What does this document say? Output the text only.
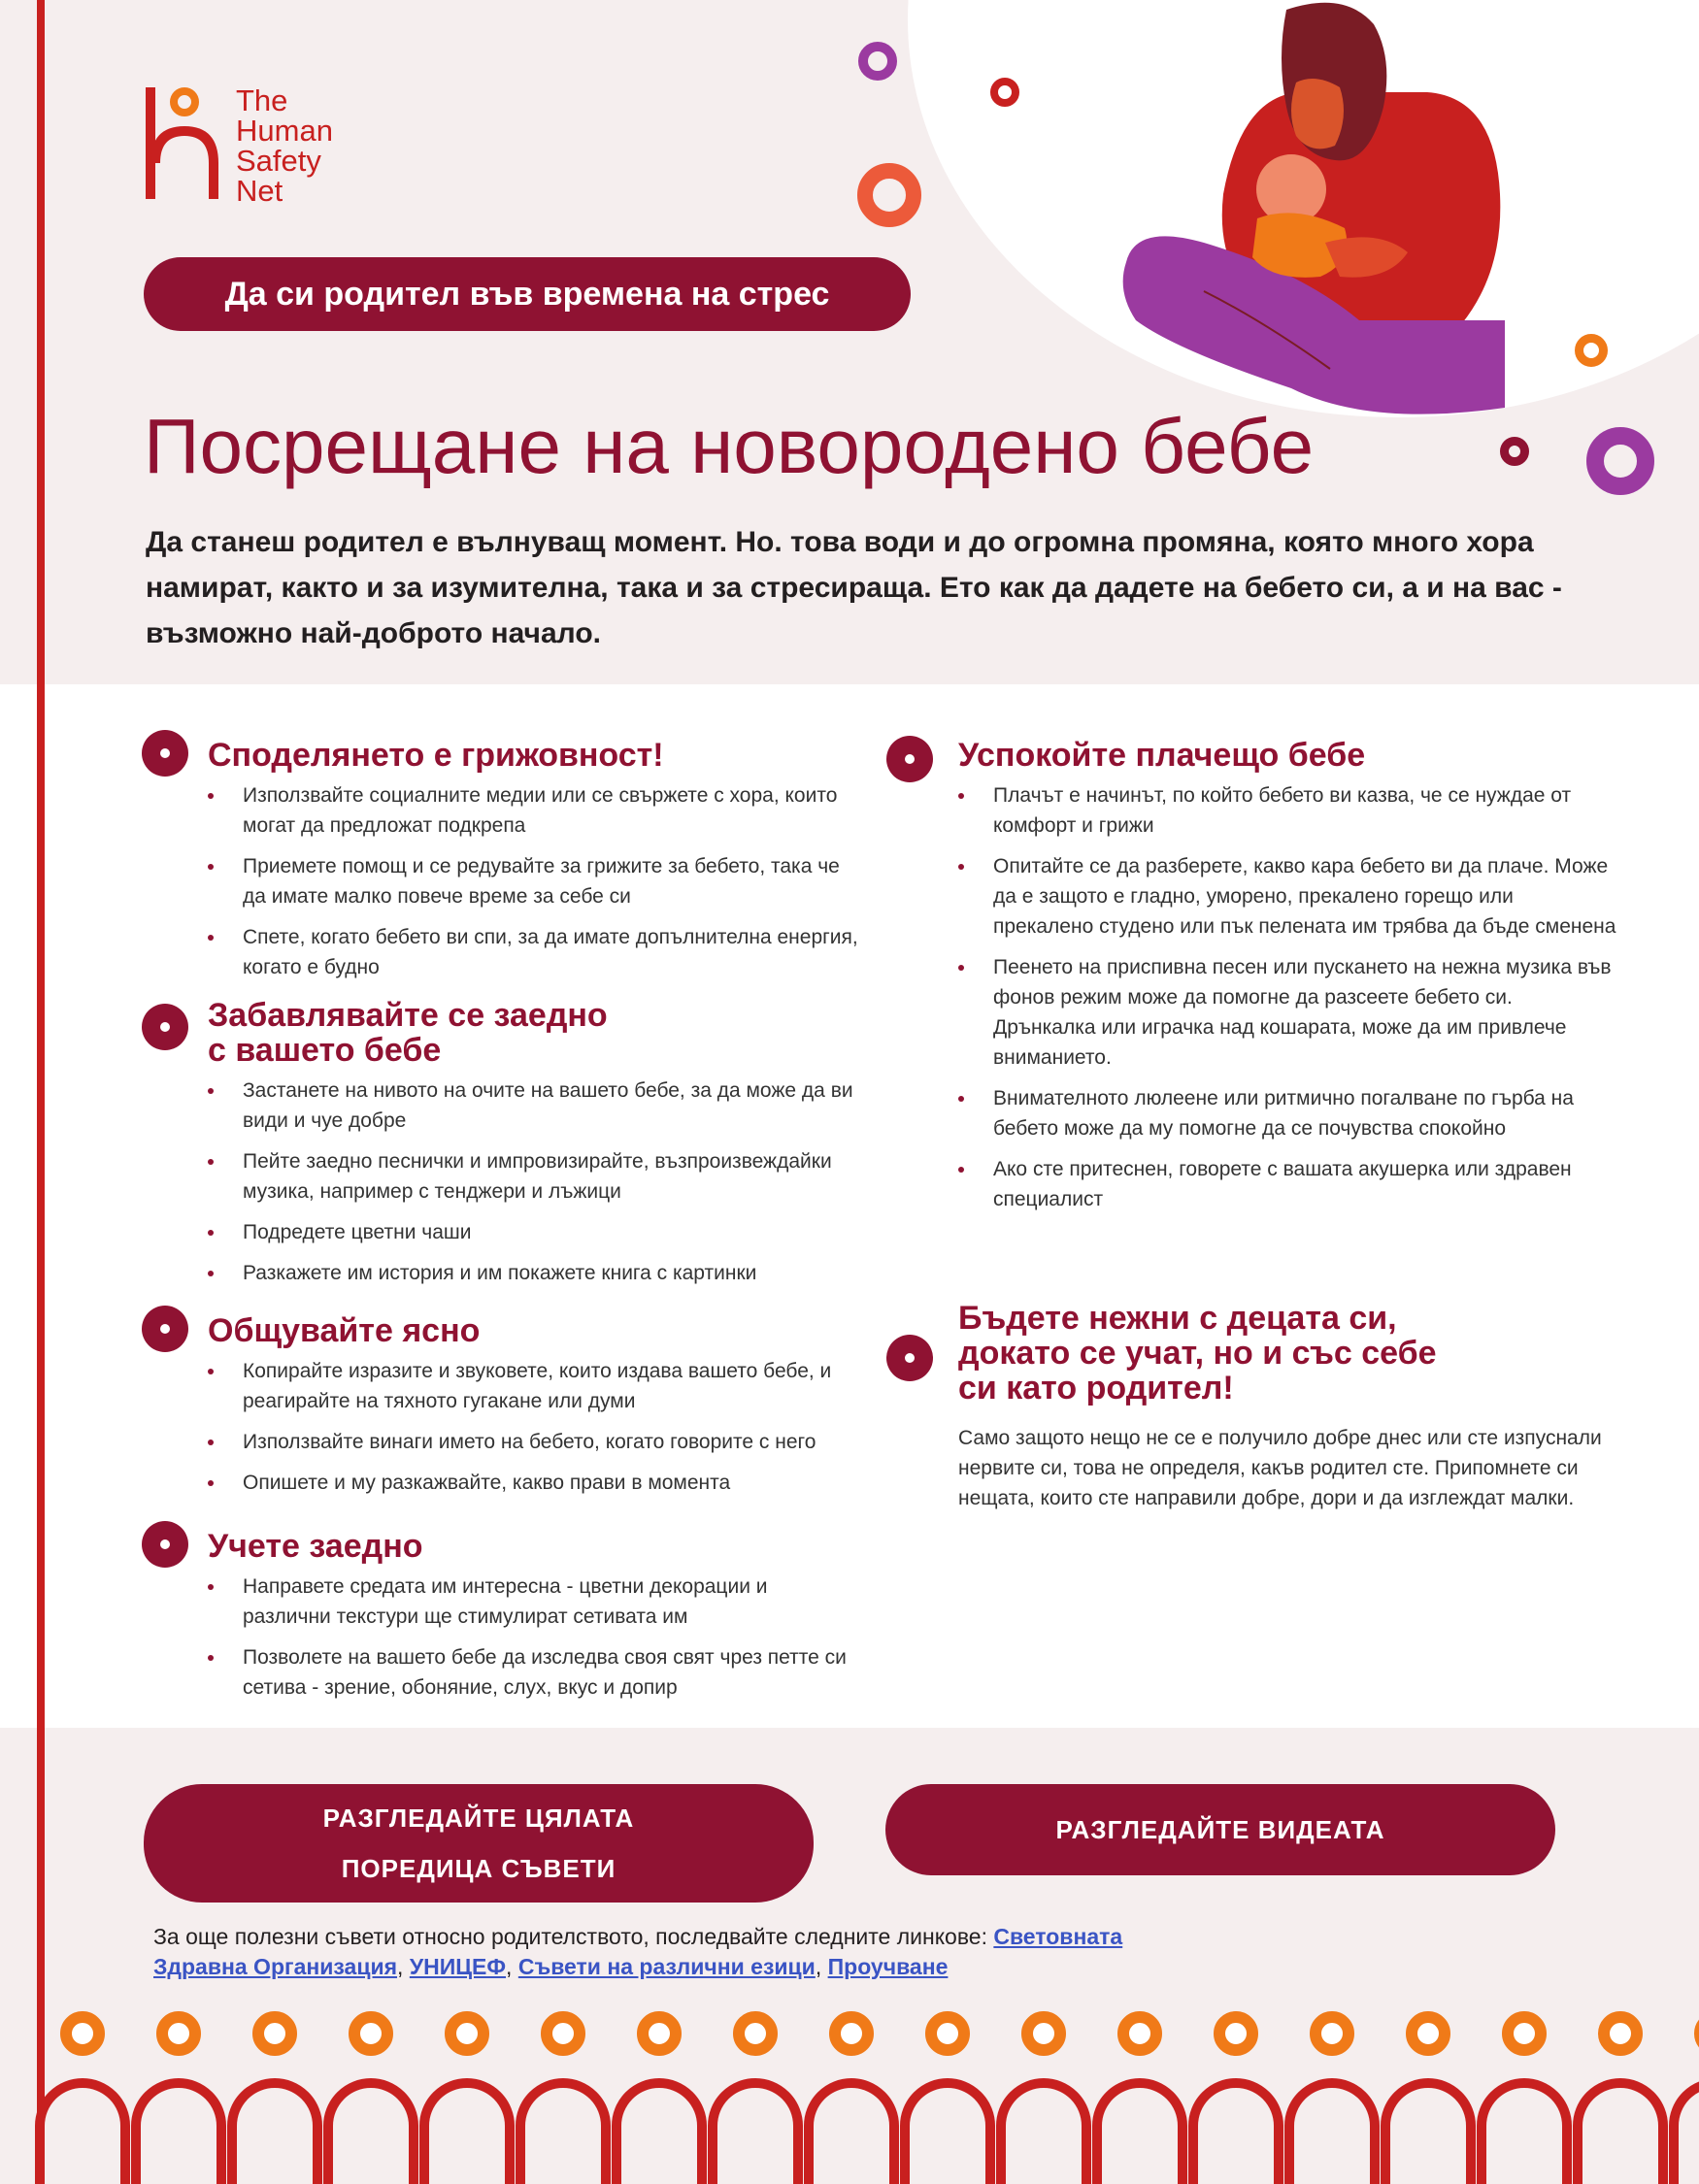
The
Human
Safety
Net
Да си родител във времена на стрес
Посрещане на новородено бебе

Да станеш родител е вълнуващ момент. Но. това води и до огромна промяна, която много хора намират, както и за изумителна, така и за стресираща. Ето как да дадете на бебето си, а и на вас - възможно най-доброто начало.

Споделянето е грижовност!
Използвайте социалните медии или се свържете с хора, които могат да предложат подкрепа
Приемете помощ и се редувайте за грижите за бебето, така че да имате малко повече време за себе си
Спете, когато бебето ви спи, за да имате допълнителна енергия, когато е будно
Забавлявайте се заедно
с вашето бебе
Застанете на нивото на очите на вашето бебе, за да може да ви види и чуе добре
Пейте заедно песнички и импровизирайте, възпроизвеждайки музика, например с тенджери и лъжици
Подредете цветни чаши
Разкажете им история и им покажете книга с картинки
Общувайте ясно
Копирайте изразите и звуковете, които издава вашето бебе, и реагирайте на тяхното гугакане или думи
Използвайте винаги името на бебето, когато говорите с него
Опишете и му разкажвайте, какво прави в момента
Учете заедно
Направете средата им интересна - цветни декорации и различни текстури ще стимулират сетивата им
Позволете на вашето бебе да изследва своя свят чрез петте си сетива - зрение, обоняние, слух, вкус и допир
Успокойте плачещо бебе
Плачът е начинът, по който бебето ви казва, че се нуждае от комфорт и грижи
Опитайте се да разберете, какво кара бебето ви да плаче. Може да е защото е гладно, уморено, прекалено горещо или прекалено студено или пък пелената им трябва да бъде сменена
Пеенето на приспивна песен или пускането на нежна музика във фонов режим може да помогне да разсеете бебето си. Дрънкалка или играчка над кошарата, може да им привлече вниманието.
Внимателното люлеене или ритмично погалване по гърба на бебето може да му помогне да се почувства спокойно
Ако сте притеснен, говорете с вашата акушерка или здравен специалист
Бъдете нежни с децата си,
докато се учат, но и със себе
си като родител!

Само защото нещо не се е получило добре днес или сте изпуснали нервите си, това не определя, какъв родител сте. Припомнете си нещата, които сте направили добре, дори и да изглеждат малки.

РАЗГЛЕДАЙТЕ ЦЯЛАТА
ПОРЕДИЦА СЪВЕТИ
РАЗГЛЕДАЙТЕ ВИДЕАТА
За още полезни съвети относно родителството, последвайте следните линкове: Световната Здравна Организация, УНИЦЕФ, Съвети на различни езици, Проучване
